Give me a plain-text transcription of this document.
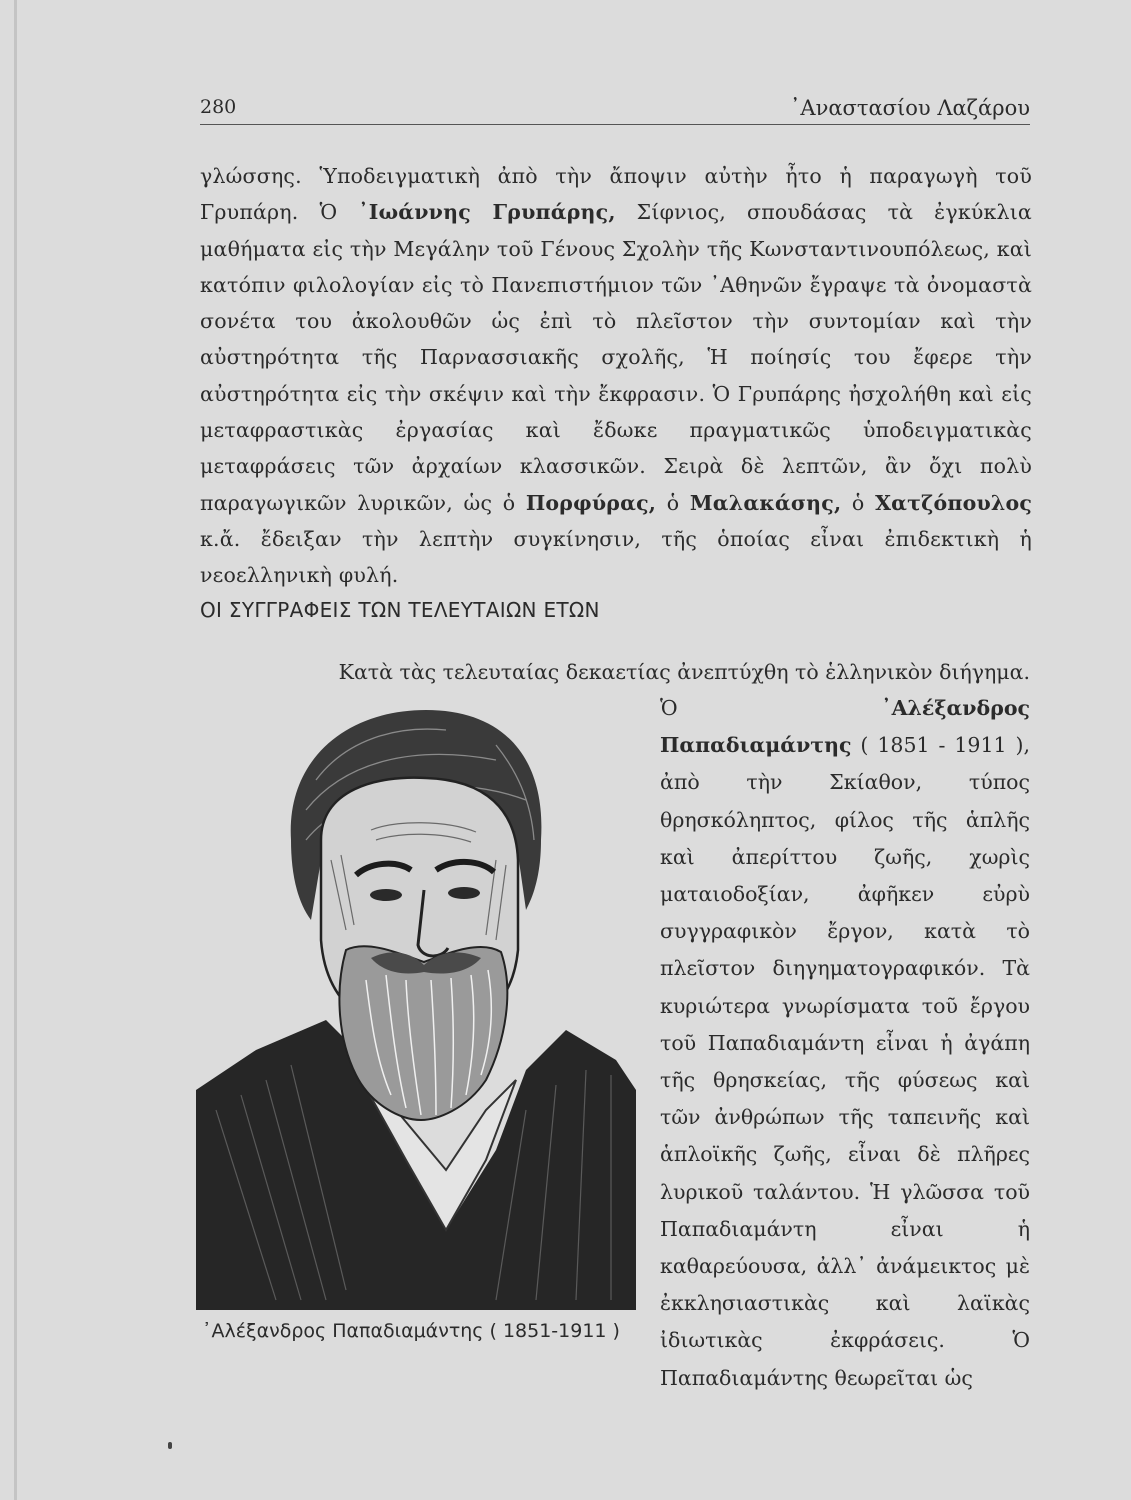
280	᾿Αναστασίου Λαζάρου
γλώσσης. Ὑποδειγματικὴ ἀπὸ τὴν ἄποψιν αὐτὴν ἦτο ἡ παραγωγὴ τοῦ Γρυπάρη. Ὁ ᾿Ιωάννης Γρυπάρης, Σίφνιος, σπουδάσας τὰ ἐγκύκλια μαθήματα εἰς τὴν Μεγάλην τοῦ Γένους Σχολὴν τῆς Κωνσταντινουπόλεως, καὶ κατόπιν φιλολογίαν εἰς τὸ Πανεπιστήμιον τῶν ᾿Αθηνῶν ἔγραψε τὰ ὀνομαστὰ σονέτα του ἀκολουθῶν ὡς ἐπὶ τὸ πλεῖστον τὴν συντομίαν καὶ τὴν αὐστηρότητα τῆς Παρνασσιακῆς σχολῆς, Ἡ ποίησίς του ἔφερε τὴν αὐστηρότητα εἰς τὴν σκέψιν καὶ τὴν ἔκφρασιν. Ὁ Γρυπάρης ἠσχολήθη καὶ εἰς μεταφραστικὰς ἐργασίας καὶ ἔδωκε πραγματικῶς ὑποδειγματικὰς μεταφράσεις τῶν ἀρχαίων κλασσικῶν. Σειρὰ δὲ λεπτῶν, ἂν ὄχι πολὺ παραγωγικῶν λυρικῶν, ὡς ὁ Πορφύρας, ὁ Μαλακάσης, ὁ Χατζόπουλος κ.ἄ. ἔδειξαν τὴν λεπτὴν συγκίνησιν, τῆς ὁποίας εἶναι ἐπιδεκτικὴ ἡ νεοελληνικὴ φυλή.
ΟΙ ΣΥΓΓΡΑΦΕΙΣ ΤΩΝ ΤΕΛΕΥΤΑΙΩΝ ΕΤΩΝ
Κατὰ τὰς τελευταίας δεκαετίας ἀνεπτύχθη τὸ ἑλληνικὸν διήγημα.
Ὁ ᾿Αλέξανδρος Παπαδιαμάντης ( 1851 - 1911 ), ἀπὸ τὴν Σκίαθον, τύπος θρησκόληπτος, φίλος τῆς ἁπλῆς καὶ ἀπερίττου ζωῆς, χωρὶς ματαιοδοξίαν, ἀφῆκεν εὐρὺ συγγραφικὸν ἔργον, κατὰ τὸ πλεῖστον διηγηματογραφικόν. Τὰ κυριώτερα γνωρίσματα τοῦ ἔργου τοῦ Παπαδιαμάντη εἶναι ἡ ἀγάπη τῆς θρησκείας, τῆς φύσεως καὶ τῶν ἀνθρώπων τῆς ταπεινῆς καὶ ἁπλοϊκῆς ζωῆς, εἶναι δὲ πλῆρες λυρικοῦ ταλάντου. Ἡ γλῶσσα τοῦ Παπαδιαμάντη εἶναι ἡ καθαρεύουσα, ἀλλ᾿ ἀνάμεικτος μὲ ἐκκλησιαστικὰς καὶ λαϊκὰς ἰδιωτικὰς ἐκφράσεις. Ὁ Παπαδιαμάντης θεωρεῖται ὡς
᾿Αλέξανδρος Παπαδιαμάντης ( 1851-1911 )
